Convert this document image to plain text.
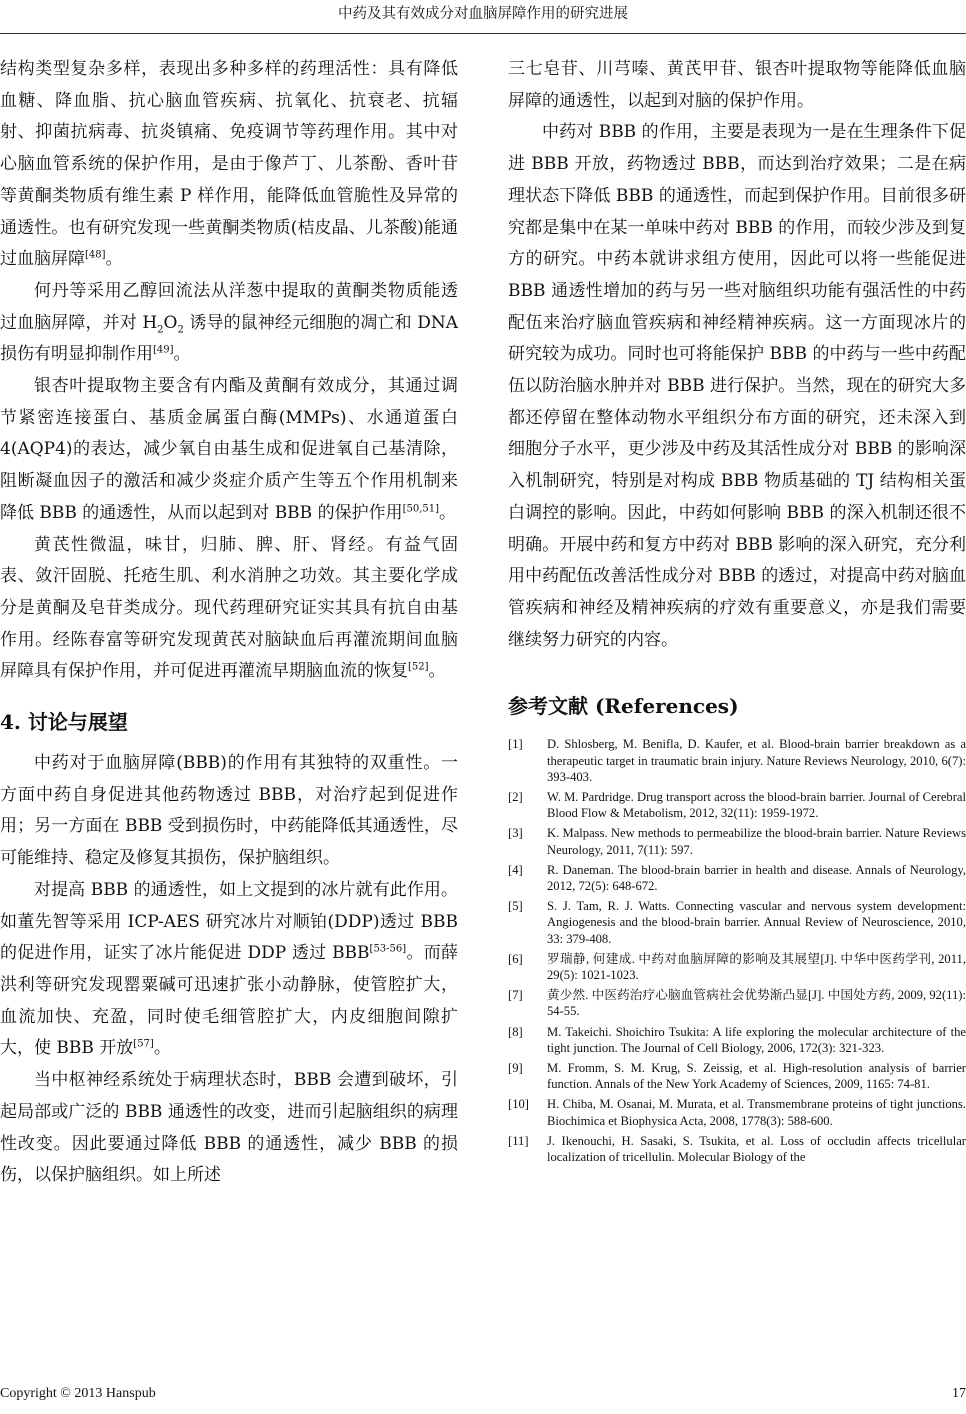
中药及其有效成分对血脑屏障作用的研究进展

结构类型复杂多样，表现出多种多样的药理活性：具有降低血糖、降血脂、抗心脑血管疾病、抗氧化、抗衰老、抗辐射、抑菌抗病毒、抗炎镇痛、免疫调节等药理作用。其中对心脑血管系统的保护作用，是由于像芦丁、儿茶酚、香叶苷等黄酮类物质有维生素 P 样作用，能降低血管脆性及异常的通透性。也有研究发现一些黄酮类物质(桔皮晶、儿茶酸)能通过血脑屏障[48]。

何丹等采用乙醇回流法从洋葱中提取的黄酮类物质能透过血脑屏障，并对 $H_2O_2$ 诱导的鼠神经元细胞的凋亡和 DNA 损伤有明显抑制作用[49]。

银杏叶提取物主要含有内酯及黄酮有效成分，其通过调节紧密连接蛋白、基质金属蛋白酶(MMPs)、水通道蛋白 4(AQP4)的表达，减少氧自由基生成和促进氧自己基清除，阻断凝血因子的激活和减少炎症介质产生等五个作用机制来降低 BBB 的通透性，从而以起到对 BBB 的保护作用[50,51]。

黄芪性微温，味甘，归肺、脾、肝、肾经。有益气固表、敛汗固脱、托疮生肌、利水消肿之功效。其主要化学成分是黄酮及皂苷类成分。现代药理研究证实其具有抗自由基作用。经陈春富等研究发现黄芪对脑缺血后再灌流期间血脑屏障具有保护作用，并可促进再灌流早期脑血流的恢复[52]。

4. 讨论与展望

中药对于血脑屏障(BBB)的作用有其独特的双重性。一方面中药自身促进其他药物透过 BBB，对治疗起到促进作用；另一方面在 BBB 受到损伤时，中药能降低其通透性，尽可能维持、稳定及修复其损伤，保护脑组织。

对提高 BBB 的通透性，如上文提到的冰片就有此作用。如董先智等采用 ICP-AES 研究冰片对顺铂(DDP)透过 BBB 的促进作用，证实了冰片能促进 DDP 透过 BBB[53-56]。而薛洪利等研究发现罂粟碱可迅速扩张小动静脉，使管腔扩大，血流加快、充盈，同时使毛细管腔扩大，内皮细胞间隙扩大，使 BBB 开放[57]。

当中枢神经系统处于病理状态时，BBB 会遭到破坏，引起局部或广泛的 BBB 通透性的改变，进而引起脑组织的病理性改变。因此要通过降低 BBB 的通透性，减少 BBB 的损伤，以保护脑组织。如上所述

三七皂苷、川芎嗪、黄芪甲苷、银杏叶提取物等能降低血脑屏障的通透性，以起到对脑的保护作用。

中药对 BBB 的作用，主要是表现为一是在生理条件下促进 BBB 开放，药物透过 BBB，而达到治疗效果；二是在病理状态下降低 BBB 的通透性，而起到保护作用。目前很多研究都是集中在某一单味中药对 BBB 的作用，而较少涉及到复方的研究。中药本就讲求组方使用，因此可以将一些能促进 BBB 通透性增加的药与另一些对脑组织功能有强活性的中药配伍来治疗脑血管疾病和神经精神疾病。这一方面现冰片的研究较为成功。同时也可将能保护 BBB 的中药与一些中药配伍以防治脑水肿并对 BBB 进行保护。当然，现在的研究大多都还停留在整体动物水平组织分布方面的研究，还未深入到细胞分子水平，更少涉及中药及其活性成分对 BBB 的影响深入机制研究，特别是对构成 BBB 物质基础的 TJ 结构相关蛋白调控的影响。因此，中药如何影响 BBB 的深入机制还很不明确。开展中药和复方中药对 BBB 影响的深入研究，充分利用中药配伍改善活性成分对 BBB 的透过，对提高中药对脑血管疾病和神经及精神疾病的疗效有重要意义，亦是我们需要继续努力研究的内容。

参考文献 (References)
[1]	D. Shlosberg, M. Benifla, D. Kaufer, et al. Blood-brain barrier breakdown as a therapeutic target in traumatic brain injury. Nature Reviews Neurology, 2010, 6(7): 393-403.
[2]	W. M. Pardridge. Drug transport across the blood-brain barrier. Journal of Cerebral Blood Flow & Metabolism, 2012, 32(11): 1959-1972.
[3]	K. Malpass. New methods to permeabilize the blood-brain barrier. Nature Reviews Neurology, 2011, 7(11): 597.
[4]	R. Daneman. The blood-brain barrier in health and disease. Annals of Neurology, 2012, 72(5): 648-672.
[5]	S. J. Tam, R. J. Watts. Connecting vascular and nervous system development: Angiogenesis and the blood-brain barrier. Annual Review of Neuroscience, 2010, 33: 379-408.
[6]	罗瑞静, 何建成. 中药对血脑屏障的影响及其展望[J]. 中华中医药学刊, 2011, 29(5): 1021-1023.
[7]	黄少然. 中医药治疗心脑血管病社会优势渐凸显[J]. 中国处方药, 2009, 92(11): 54-55.
[8]	M. Takeichi. Shoichiro Tsukita: A life exploring the molecular architecture of the tight junction. The Journal of Cell Biology, 2006, 172(3): 321-323.
[9]	M. Fromm, S. M. Krug, S. Zeissig, et al. High-resolution analysis of barrier function. Annals of the New York Academy of Sciences, 2009, 1165: 74-81.
[10]	H. Chiba, M. Osanai, M. Murata, et al. Transmembrane proteins of tight junctions. Biochimica et Biophysica Acta, 2008, 1778(3): 588-600.
[11]	J. Ikenouchi, H. Sasaki, S. Tsukita, et al. Loss of occludin affects tricellular localization of tricellulin. Molecular Biology of the
Copyright © 2013 Hanspub	17
